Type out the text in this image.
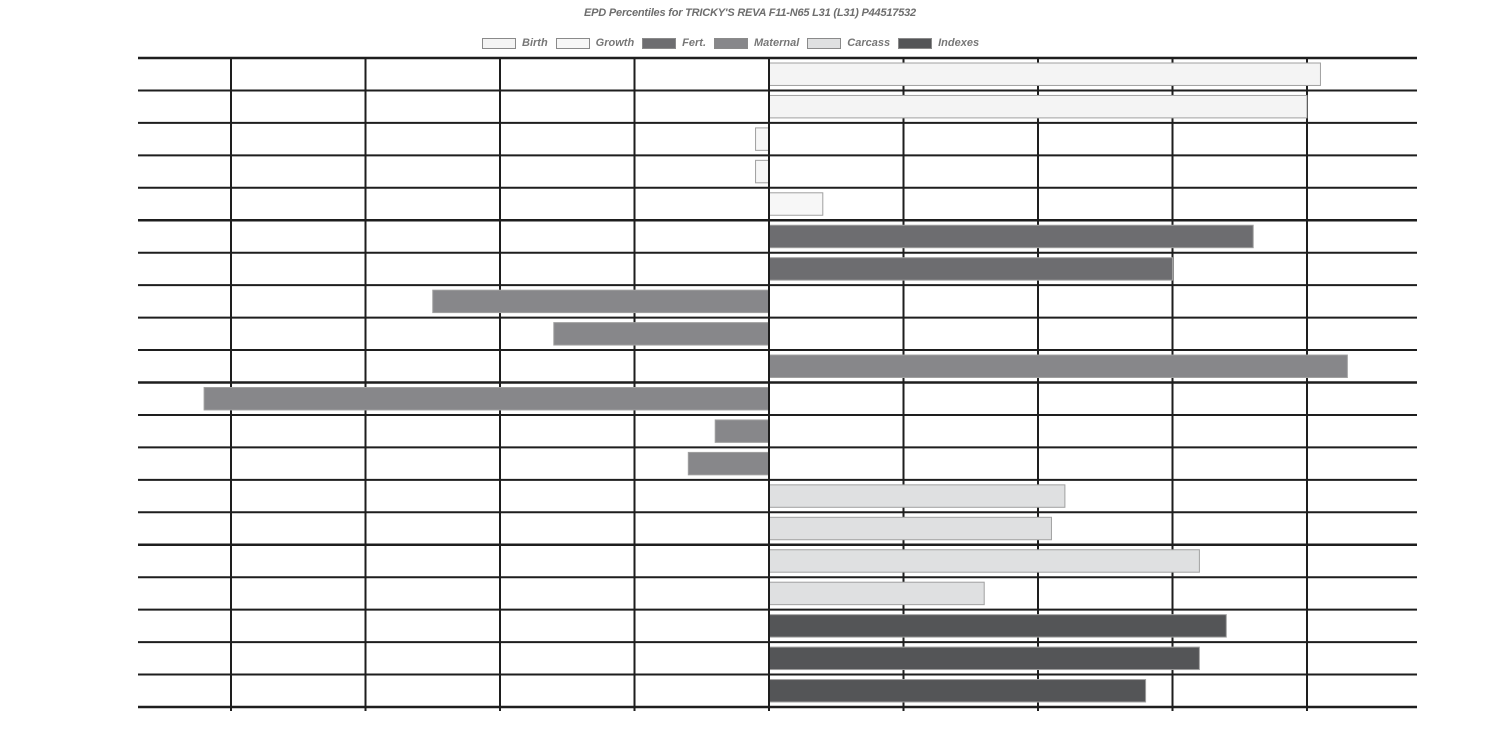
EPD Percentiles for TRICKY'S REVA F11-N65 L31 (L31) P44517532
Birth	Growth	Fert.	Maternal	Carcass	Indexes
